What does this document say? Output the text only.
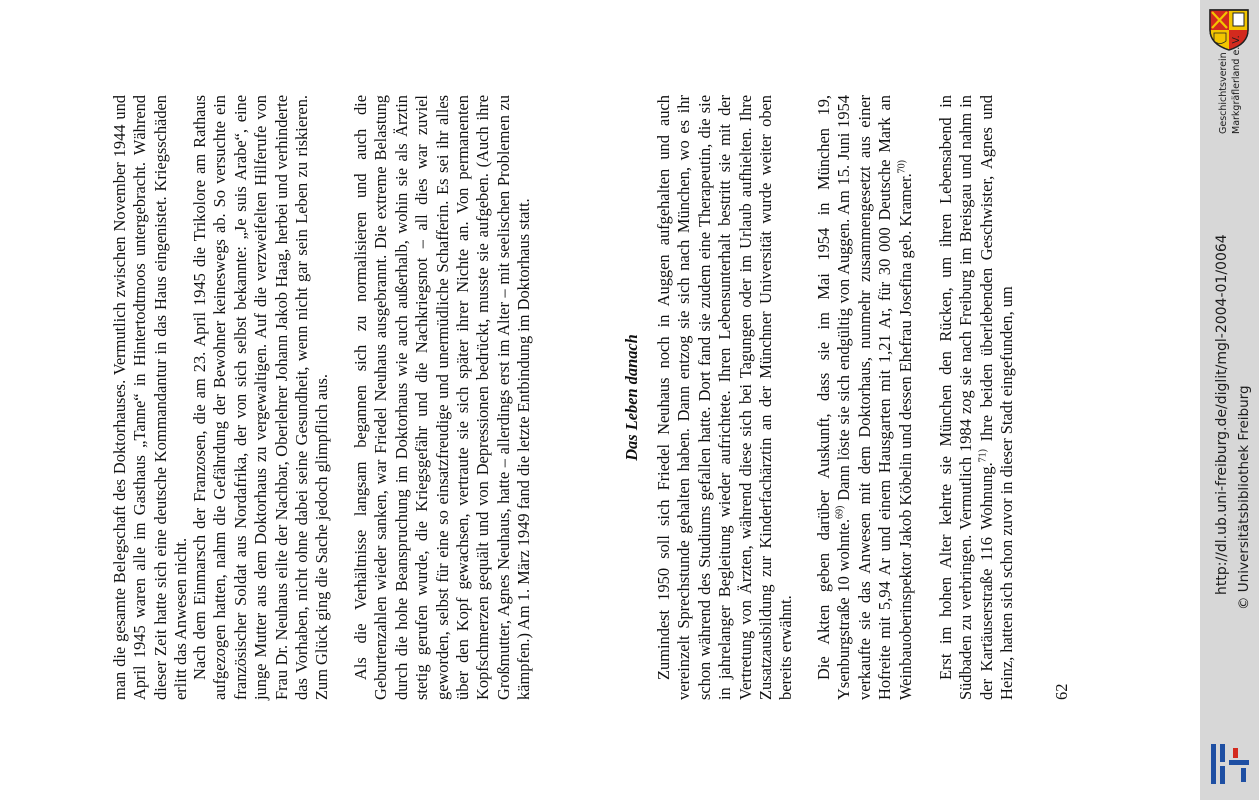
man die gesamte Belegschaft des Doktorhauses. Vermutlich zwischen November 1944 und April 1945 waren alle im Gasthaus „Tanne“ in Hintertodtmoos untergebracht. Während dieser Zeit hatte sich eine deutsche Kommandantur in das Haus eingenistet. Kriegsschäden erlitt das Anwesen nicht. Nach dem Einmarsch der Franzosen, die am 23. April 1945 die Trikolore am Rathaus aufgezogen hatten, nahm die Gefährdung der Bewohner keineswegs ab. So versuchte ein französischer Soldat aus Nordafrika, der von sich selbst bekannte: „Je suis Arabe“, eine junge Mutter aus dem Doktorhaus zu vergewaltigen. Auf die verzweifelten Hilferufe von Frau Dr. Neuhaus eilte der Nachbar, Oberlehrer Johann Jakob Haag, herbei und verhinderte das Vorhaben, nicht ohne dabei seine Gesundheit, wenn nicht gar sein Leben zu riskieren. Zum Glück ging die Sache jedoch glimpflich aus. Als die Verhältnisse langsam begannen sich zu normalisieren und auch die Geburtenzahlen wieder sanken, war Friedel Neuhaus ausgebrannt. Die extreme Belastung durch die hohe Beanspruchung im Doktorhaus wie auch außerhalb, wohin sie als Ärztin stetig gerufen wurde, die Kriegsgefähr und die Nachkriegsnot – all dies war zuviel geworden, selbst für eine so einsatzfreudige und unermüdliche Schafferin. Es sei ihr alles über den Kopf gewachsen, vertraute sie sich später ihrer Nichte an. Von permanenten Kopfschmerzen gequält und von Depressionen bedrückt, musste sie aufgeben. (Auch ihre Großmutter, Agnes Neuhaus, hatte – allerdings erst im Alter – mit seelischen Problemen zu kämpfen.) Am 1. März 1949 fand die letzte Entbindung im Doktorhaus statt.	Das Leben danach Zumindest 1950 soll sich Friedel Neuhaus noch in Auggen aufgehalten und auch vereinzelt Sprechstunde gehalten haben. Dann entzog sie sich nach München, wo es ihr schon während des Studiums gefallen hatte. Dort fand sie zudem eine Therapeutin, die sie in jahrelanger Begleitung wieder aufrichtete. Ihren Lebensunterhalt bestritt sie mit der Vertretung von Ärzten, während diese sich bei Tagungen oder im Urlaub aufhielten. Ihre Zusatzausbildung zur Kinderfachärztin an der Münchner Universität wurde weiter oben bereits erwähnt. Die Akten geben darüber Auskunft, dass sie im Mai 1954 in München 19, Ysenburgstraße 10 wohnte.$^{69)}$ Dann löste sie sich endgültig von Auggen. Am 15. Juni 1954 verkaufte sie das Anwesen mit dem Doktorhaus, nunmehr zusammengesetzt aus einer Hofreite mit 5,94 Ar und einem Hausgarten mit 1,21 Ar, für 30 000 Deutsche Mark an Weinbauoberinspektor Jakob Köbelin und dessen Ehefrau Josefina geb. Kramer.$^{70)}$	Erst im hohen Alter kehrte sie München den Rücken, um ihren Lebensabend in Südbaden zu verbringen. Vermutlich 1984 zog sie nach Freiburg im Breisgau und nahm in der Kartäuserstraße 116 Wohnung.$^{71)}$ Ihre beiden überlebenden Geschwister, Agnes und Heinz, hatten sich schon zuvor in dieser Stadt eingefunden, um 62
Geschichtsverein Markgräflerland e. V.
http://dl.ub.uni-freiburg.de/diglit/mgl-2004-01/0064 © Universitätsbibliothek Freiburg
